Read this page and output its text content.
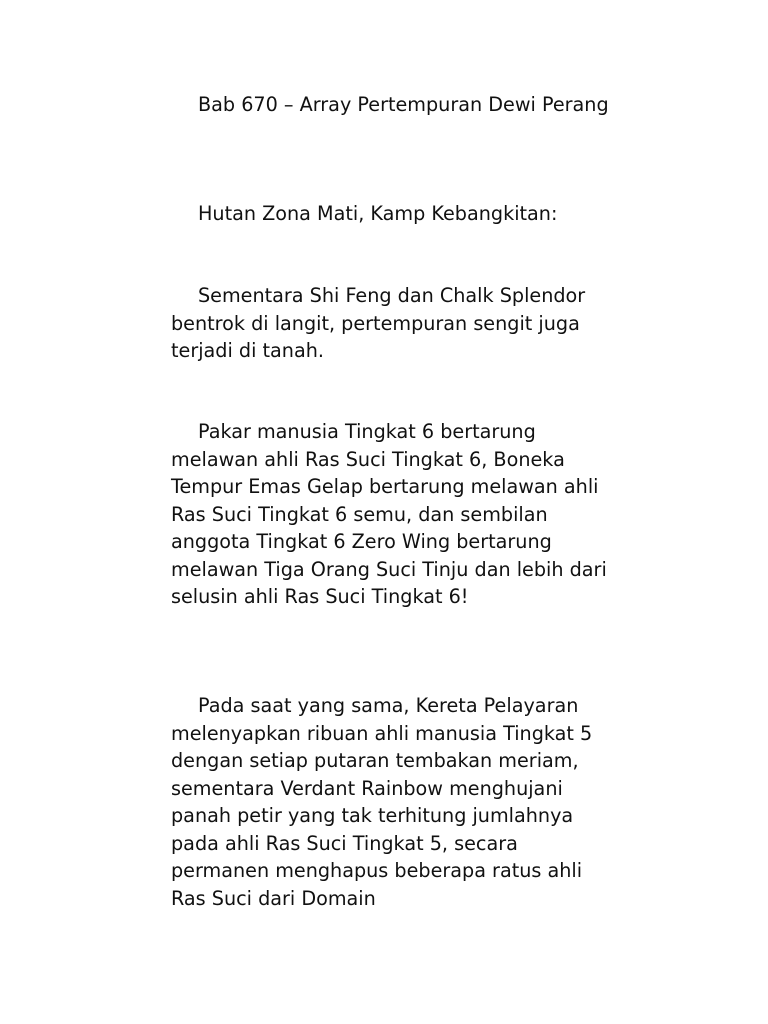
Bab 670 – Array Pertempuran Dewi Perang

Hutan Zona Mati, Kamp Kebangkitan:

Sementara Shi Feng dan Chalk Splendor bentrok di langit, pertempuran sengit juga terjadi di tanah.

Pakar manusia Tingkat 6 bertarung melawan ahli Ras Suci Tingkat 6, Boneka Tempur Emas Gelap bertarung melawan ahli Ras Suci Tingkat 6 semu, dan sembilan anggota Tingkat 6 Zero Wing bertarung melawan Tiga Orang Suci Tinju dan lebih dari selusin ahli Ras Suci Tingkat 6!

Pada saat yang sama, Kereta Pelayaran melenyapkan ribuan ahli manusia Tingkat 5 dengan setiap putaran tembakan meriam, sementara Verdant Rainbow menghujani panah petir yang tak terhitung jumlahnya pada ahli Ras Suci Tingkat 5, secara permanen menghapus beberapa ratus ahli Ras Suci dari Domain
